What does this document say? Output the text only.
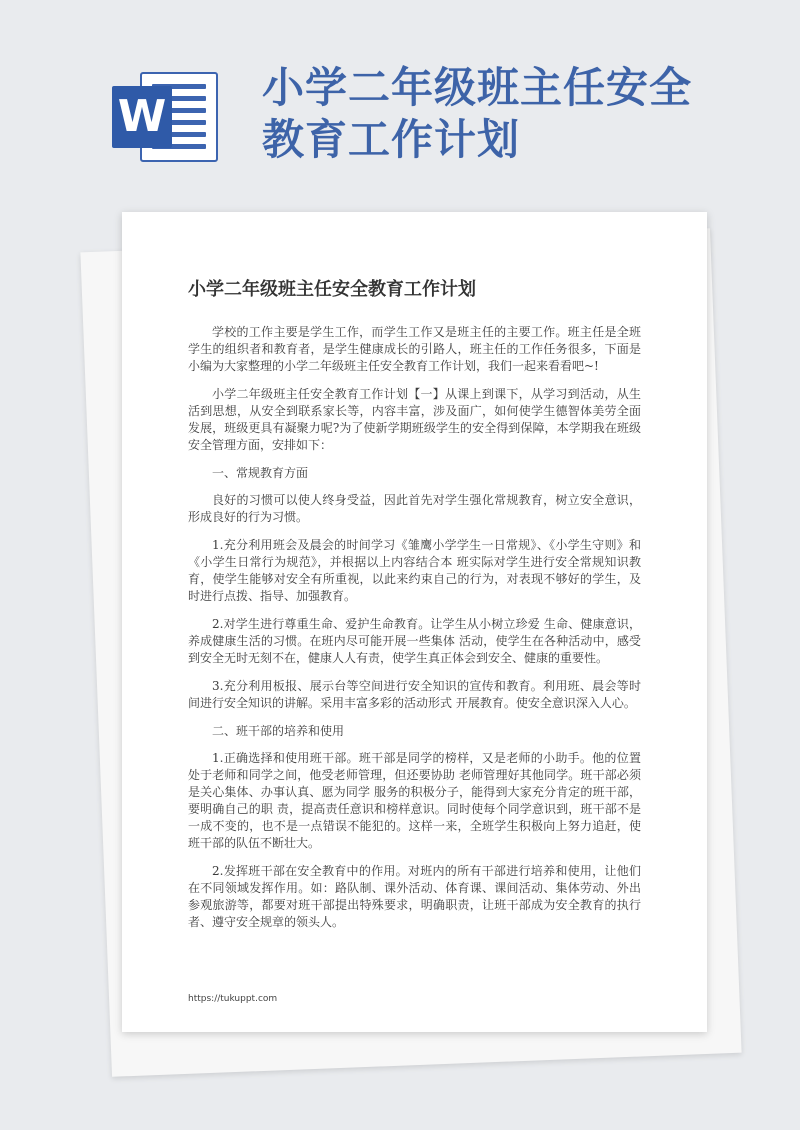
W
小学二年级班主任安全教育工作计划
小学二年级班主任安全教育工作计划

学校的工作主要是学生工作，而学生工作又是班主任的主要工作。班主任是全班学生的组织者和教育者，是学生健康成长的引路人，班主任的工作任务很多，下面是小编为大家整理的小学二年级班主任安全教育工作计划，我们一起来看看吧~!

小学二年级班主任安全教育工作计划【一】从课上到课下，从学习到活动，从生活到思想，从安全到联系家长等，内容丰富，涉及面广，如何使学生德智体美劳全面发展，班级更具有凝聚力呢?为了使新学期班级学生的安全得到保障，本学期我在班级安全管理方面，安排如下：

一、常规教育方面

良好的习惯可以使人终身受益，因此首先对学生强化常规教育，树立安全意识，形成良好的行为习惯。

1.充分利用班会及晨会的时间学习《雏鹰小学学生一日常规》、《小学生守则》和《小学生日常行为规范》，并根据以上内容结合本 班实际对学生进行安全常规知识教育，使学生能够对安全有所重视，以此来约束自己的行为，对表现不够好的学生，及时进行点拨、指导、加强教育。

2.对学生进行尊重生命、爱护生命教育。让学生从小树立珍爱 生命、健康意识，养成健康生活的习惯。在班内尽可能开展一些集体 活动，使学生在各种活动中，感受到安全无时无刻不在，健康人人有责，使学生真正体会到安全、健康的重要性。

3.充分利用板报、展示台等空间进行安全知识的宣传和教育。利用班、晨会等时间进行安全知识的讲解。采用丰富多彩的活动形式 开展教育。使安全意识深入人心。

二、班干部的培养和使用

1.正确选择和使用班干部。班干部是同学的榜样，又是老师的小助手。他的位置处于老师和同学之间，他受老师管理，但还要协助 老师管理好其他同学。班干部必须是关心集体、办事认真、愿为同学 服务的积极分子，能得到大家充分肯定的班干部，要明确自己的职 责，提高责任意识和榜样意识。同时使每个同学意识到，班干部不是一成不变的，也不是一点错误不能犯的。这样一来，全班学生积极向上努力追赶，使班干部的队伍不断壮大。

2.发挥班干部在安全教育中的作用。对班内的所有干部进行培养和使用，让他们在不同领域发挥作用。如：路队制、课外活动、体育课、课间活动、集体劳动、外出参观旅游等，都要对班干部提出特殊要求，明确职责，让班干部成为安全教育的执行者、遵守安全规章的领头人。

https://tukuppt.com
